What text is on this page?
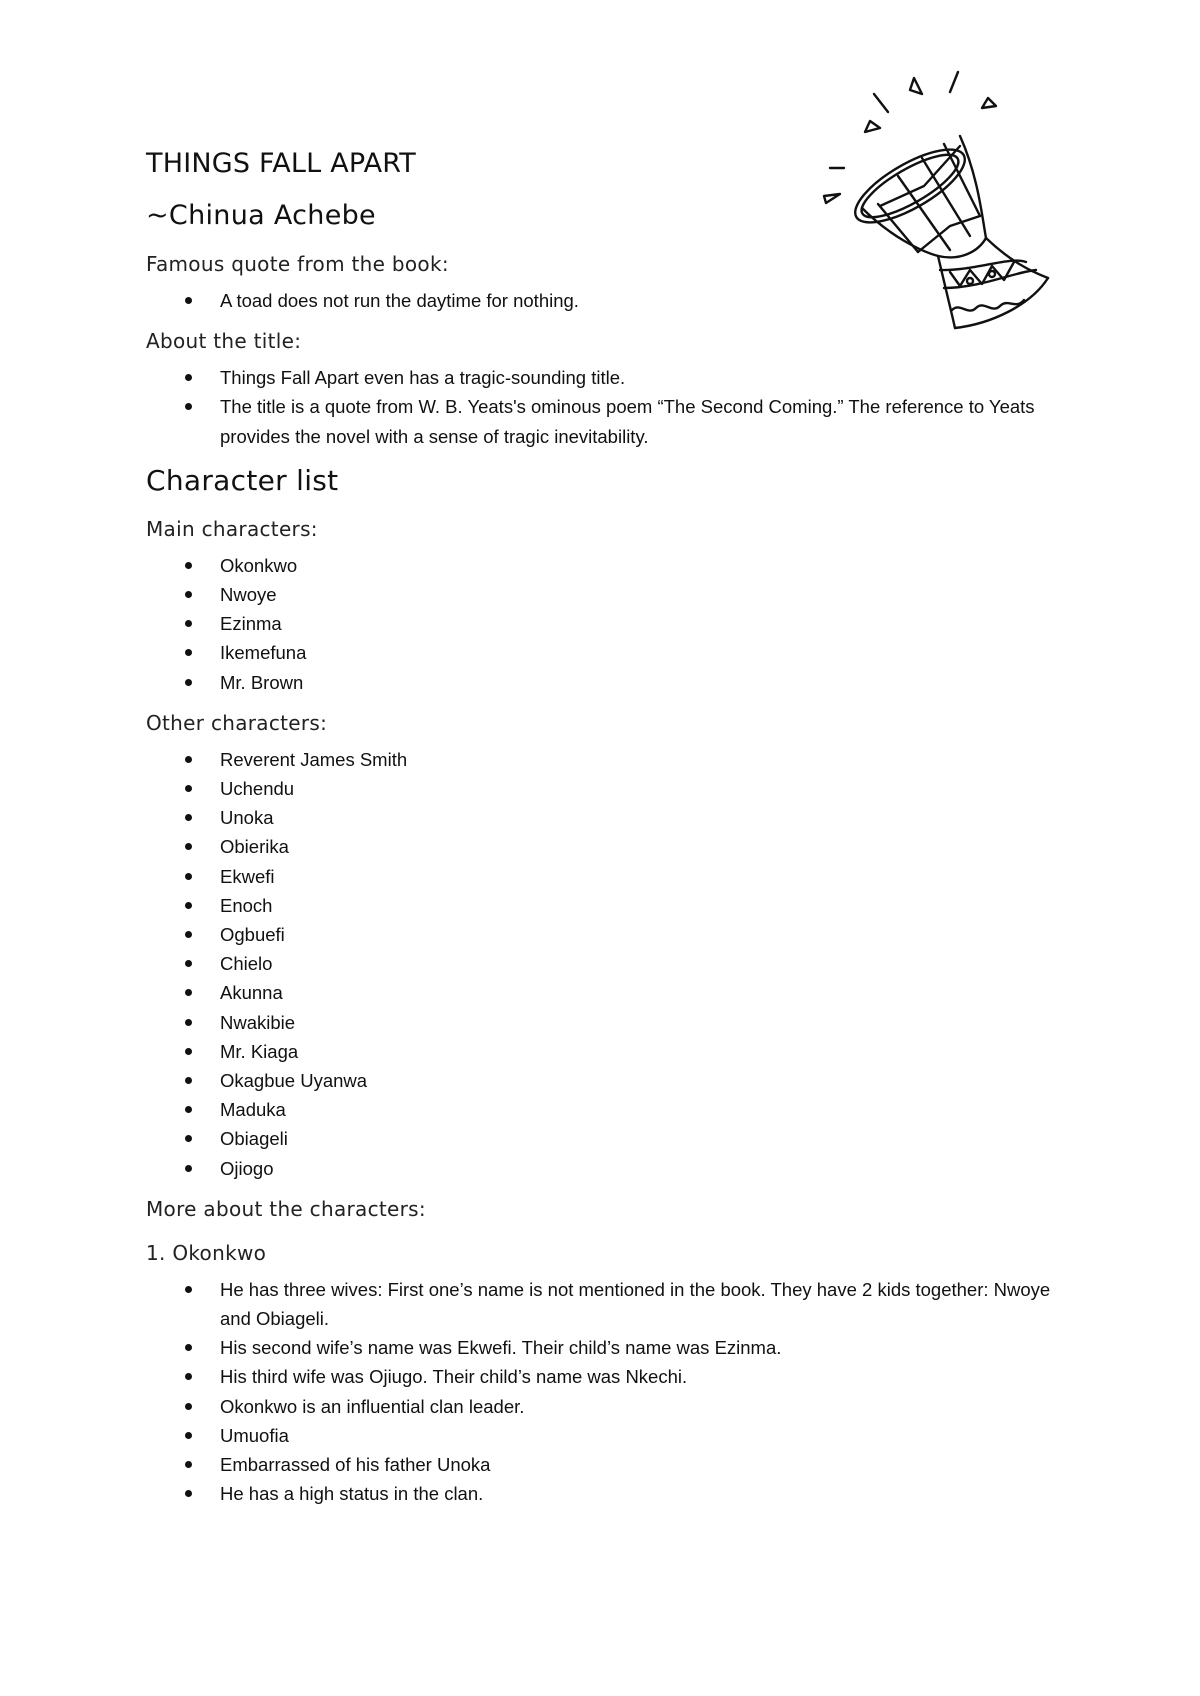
THINGS FALL APART
~Chinua Achebe
Famous quote from the book:
A toad does not run the daytime for nothing.
About the title:
Things Fall Apart even has a tragic-sounding title.
The title is a quote from W. B. Yeats's ominous poem “The Second Coming.” The reference to Yeats provides the novel with a sense of tragic inevitability.
Character list
Main characters:
Okonkwo
Nwoye
Ezinma
Ikemefuna
Mr. Brown
Other characters:
Reverent James Smith
Uchendu
Unoka
Obierika
Ekwefi
Enoch
Ogbuefi
Chielo
Akunna
Nwakibie
Mr. Kiaga
Okagbue Uyanwa
Maduka
Obiageli
Ojiogo
More about the characters:
1. Okonkwo
He has three wives: First one’s name is not mentioned in the book. They have 2 kids together: Nwoye and Obiageli.
His second wife’s name was Ekwefi. Their child’s name was Ezinma.
His third wife was Ojiugo. Their child’s name was Nkechi.
Okonkwo is an influential clan leader.
Umuofia
Embarrassed of his father Unoka
He has a high status in the clan.
